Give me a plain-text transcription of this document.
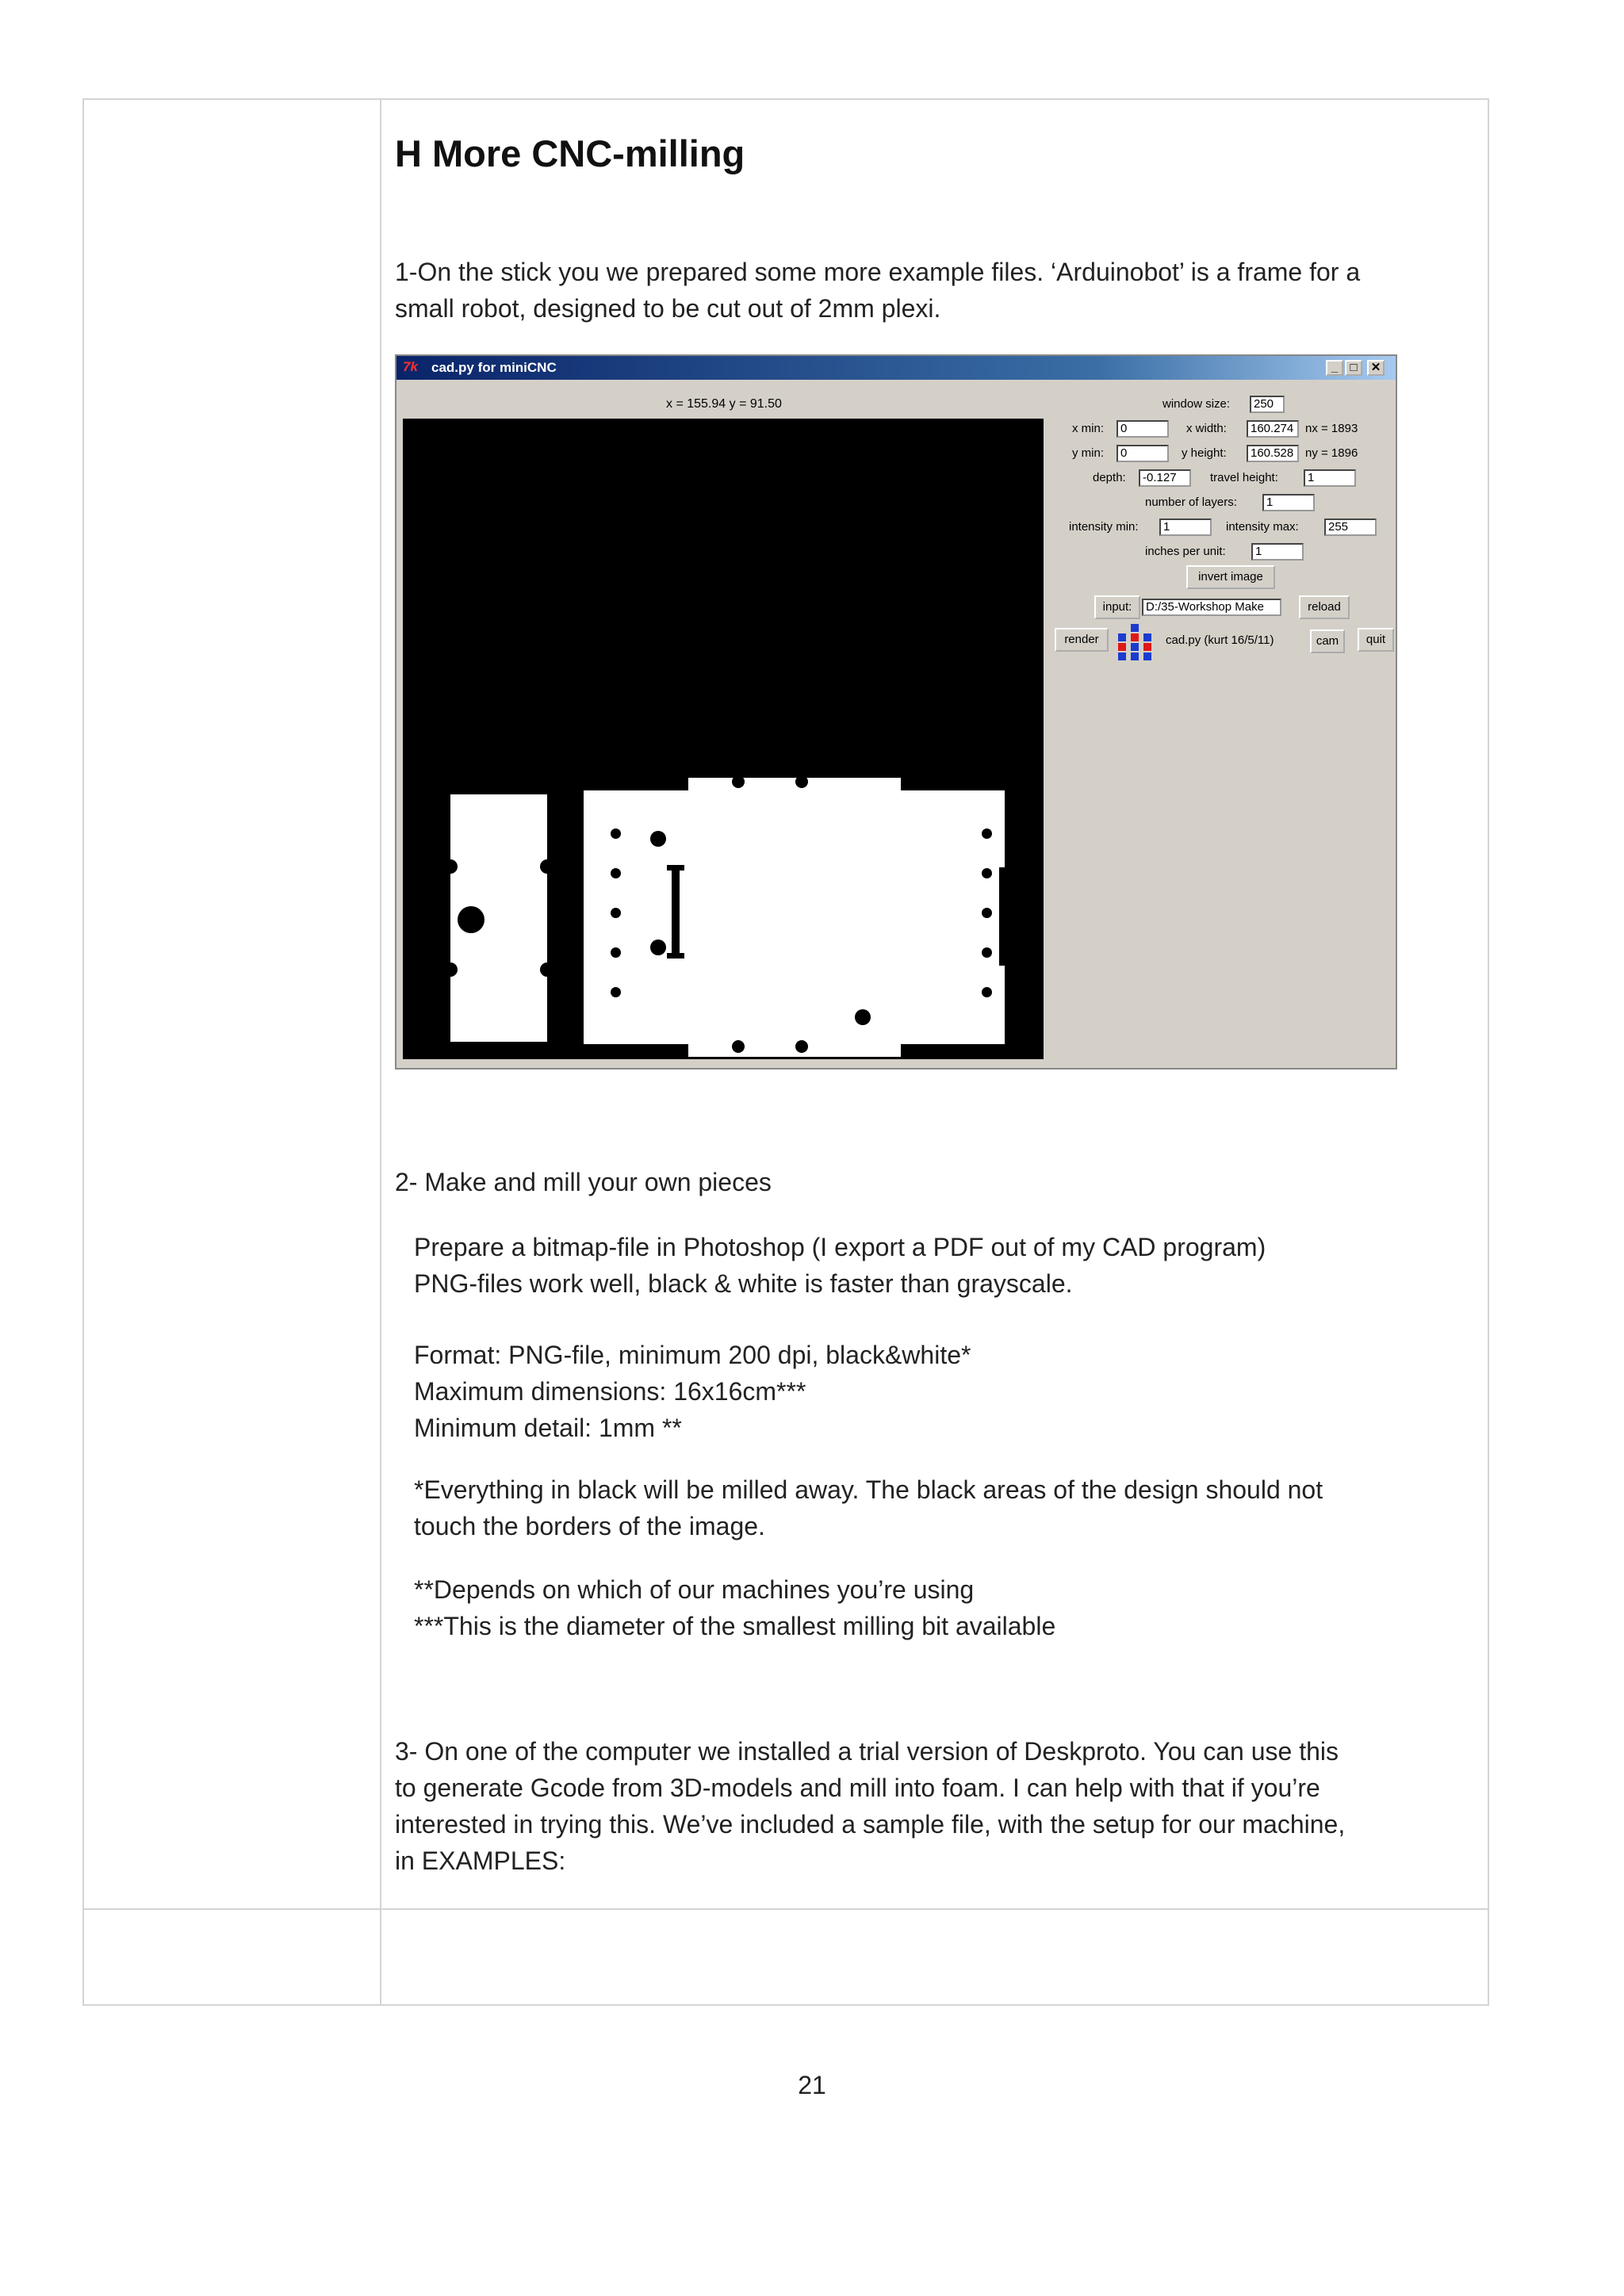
H More CNC-milling

1-On the stick you we prepared some more example files. ‘Arduinobot’ is a frame for a
small robot, designed to be cut out of 2mm plexi.

7k cad.py for miniCNC	_	□	✕
x = 155.94 y = 91.50	window size:	250
x min:	0	x width:	160.274 nx = 1893
y min:	0	y height:	160.528 ny = 1896
depth:	-0.127	travel height:	1
number of layers:	1
intensity min:	1	intensity max:	255
inches per unit:	1
invert image
input:	D:/35-Workshop Make	reload
render	cad.py (kurt 16/5/11)	cam	quit

2- Make and mill your own pieces

Prepare a bitmap-file in Photoshop (I export a PDF out of my CAD program)
PNG-files work well, black & white is faster than grayscale.

Format: PNG-file, minimum 200 dpi, black&white*
Maximum dimensions: 16x16cm***
Minimum detail: 1mm **

*Everything in black will be milled away. The black areas of the design should not
touch the borders of the image.

**Depends on which of our machines you’re using
***This is the diameter of the smallest milling bit available

3- On one of the computer we installed a trial version of Deskproto. You can use this
to generate Gcode from 3D-models and mill into foam. I can help with that if you’re
interested in trying this. We’ve included a sample file, with the setup for our machine,
in EXAMPLES:

21
